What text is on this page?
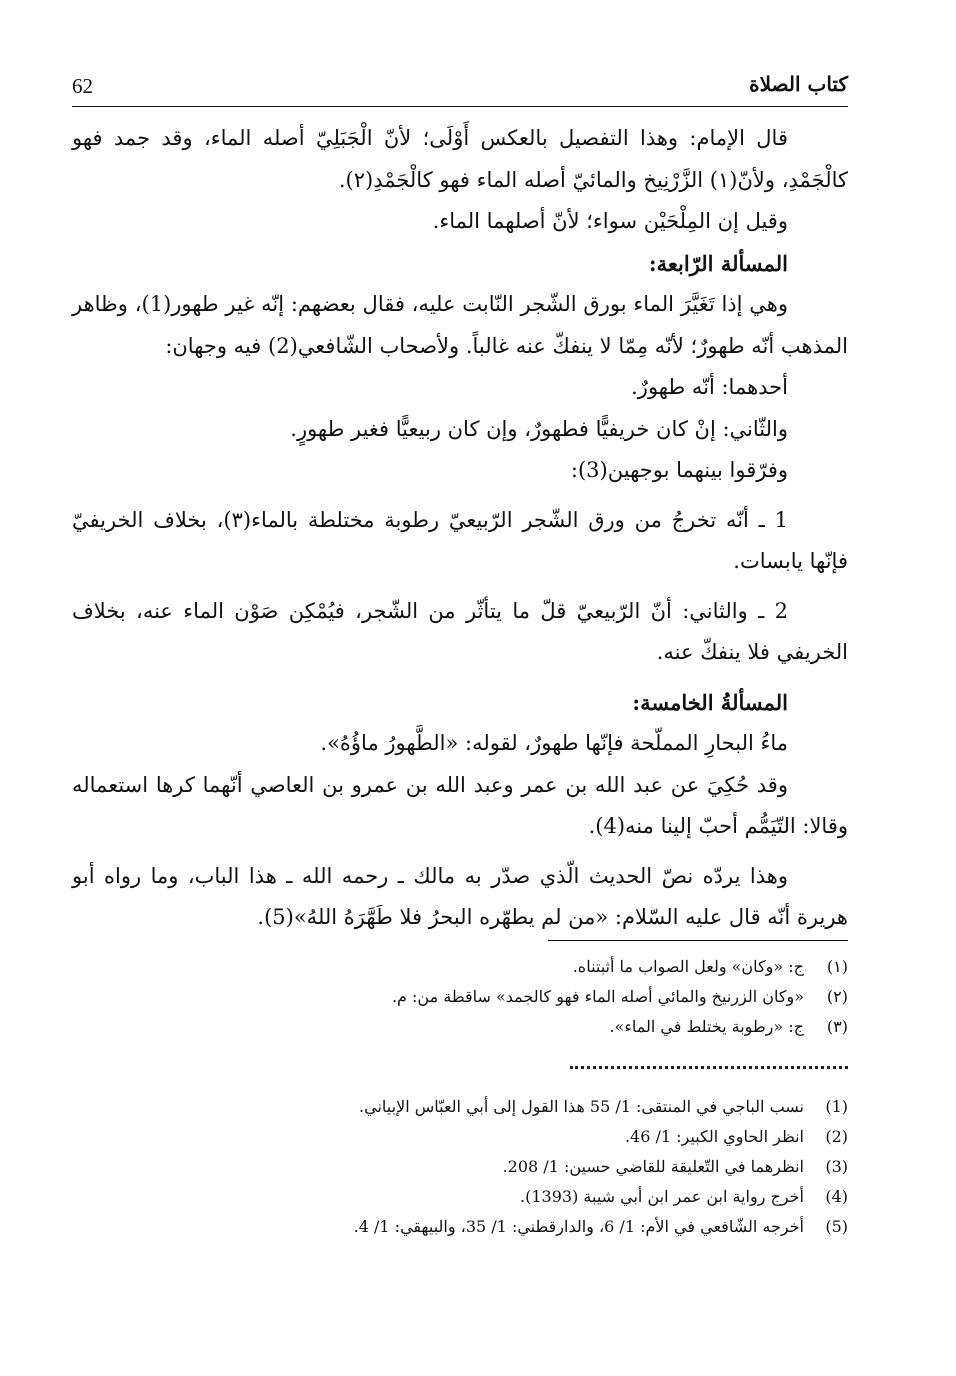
62	كتاب الصلاة

قال الإمام: وهذا التفصيل بالعكس أَوْلَى؛ لأنّ الْجَبَلِيّ أصله الماء، وقد جمد فهو كالْجَمْدِ، ولأنّ(١) الزَّرْنِيخ والمائيّ أصله الماء فهو كالْجَمْدِ(٢).

وقيل إن المِلْحَيْن سواء؛ لأنّ أصلهما الماء.

المسألة الرّابعة:

وهي إذا تَغَيَّرَ الماء بورق الشّجر النّابت عليه، فقال بعضهم: إنّه غير طهور(1)، وظاهر المذهب أنّه طهورٌ؛ لأنّه مِمّا لا ينفكّ عنه غالباً. ولأصحاب الشّافعي(2) فيه وجهان:

أحدهما: أنّه طهورٌ.

والثّاني: إنْ كان خريفيًّا فطهورٌ، وإن كان ربيعيًّا فغير طهورٍ.

وفرّقوا بينهما بوجهين(3):

1 ـ أنّه تخرجُ من ورق الشّجر الرّبيعيّ رطوبة مختلطة بالماء(٣)، بخلاف الخريفيّ فإنّها يابسات.

2 ـ والثاني: أنّ الرّبيعيّ قلّ ما يتأثّر من الشّجر، فيُمْكِن صَوْن الماء عنه، بخلاف الخريفي فلا ينفكّ عنه.

المسألةُ الخامسة:

ماءُ البحارِ المملّحة فإنّها طهورٌ، لقوله: «الطَّهورُ ماؤُهُ».

وقد حُكِيَ عن عبد الله بن عمر وعبد الله بن عمرو بن العاصي أنّهما كرها استعماله وقالا: التّيَمُّم أحبّ إلينا منه(4).

وهذا يردّه نصّ الحديث الّذي صدّر به مالك ـ رحمه الله ـ هذا الباب، وما رواه أبو هريرة أنّه قال عليه السّلام: «من لم يطهّره البحرُ فلا طَهَّرَهُ اللهُ»(5).

(١)
ج: «وكان» ولعل الصواب ما أثبتناه.
(٢)
«وكان الزرنيخ والمائي أصله الماء فهو كالجمد» ساقطة من: م.
(٣)
ج: «رطوبة يختلط في الماء».
(1)
نسب الباجي في المنتقى: 1/ 55 هذا القول إلى أبي العبّاس الإبياني.
(2)
انظر الحاوي الكبير: 1/ 46.
(3)
انظرهما في التّعليقة للقاضي حسين: 1/ 208.
(4)
أخرج رواية ابن عمر ابن أبي شيبة (1393).
(5)
أخرجه الشّافعي في الأم: 1/ 6، والدارقطني: 1/ 35، والبيهقي: 1/ 4.
